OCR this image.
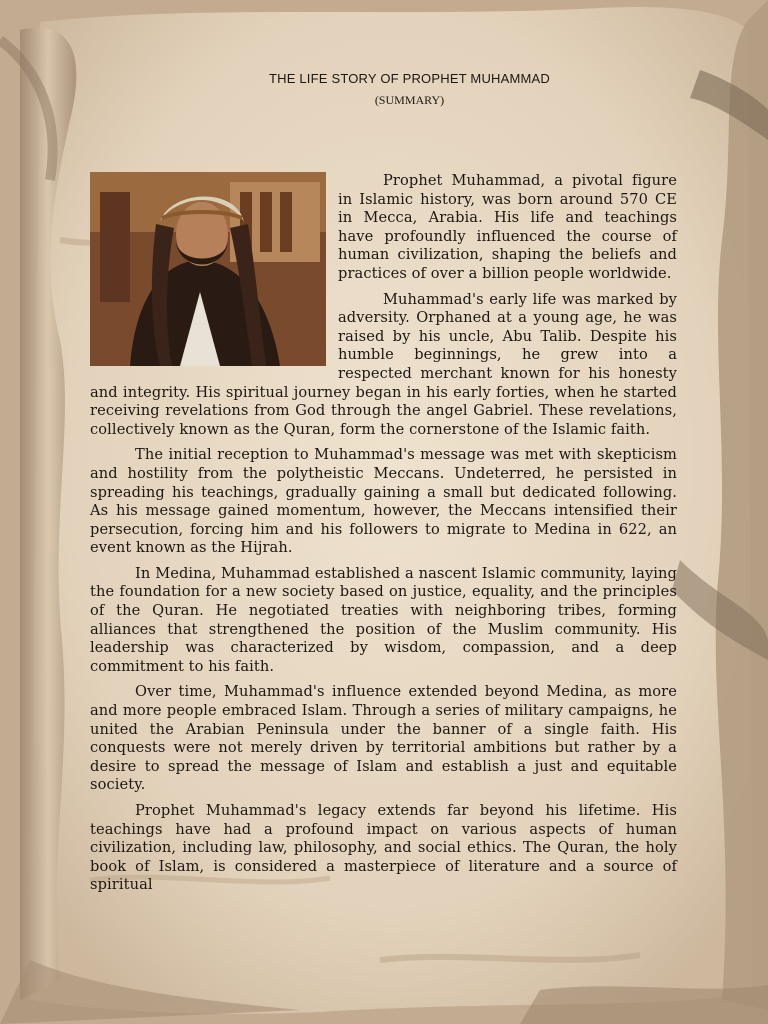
THE LIFE STORY OF PROPHET MUHAMMAD

(SUMMARY)

Prophet Muhammad, a pivotal figure in Islamic history, was born around 570 CE in Mecca, Arabia. His life and teachings have profoundly influenced the course of human civilization, shaping the beliefs and practices of over a billion people worldwide.

Muhammad's early life was marked by adversity. Orphaned at a young age, he was raised by his uncle, Abu Talib. Despite his humble beginnings, he grew into a respected merchant known for his honesty and integrity. His spiritual journey began in his early forties, when he started receiving revelations from God through the angel Gabriel. These revelations, collectively known as the Quran, form the cornerstone of the Islamic faith.

The initial reception to Muhammad's message was met with skepticism and hostility from the polytheistic Meccans. Undeterred, he persisted in spreading his teachings, gradually gaining a small but dedicated following. As his message gained momentum, however, the Meccans intensified their persecution, forcing him and his followers to migrate to Medina in 622, an event known as the Hijrah.

In Medina, Muhammad established a nascent Islamic community, laying the foundation for a new society based on justice, equality, and the principles of the Quran. He negotiated treaties with neighboring tribes, forming alliances that strengthened the position of the Muslim community. His leadership was characterized by wisdom, compassion, and a deep commitment to his faith.

Over time, Muhammad's influence extended beyond Medina, as more and more people embraced Islam. Through a series of military campaigns, he united the Arabian Peninsula under the banner of a single faith. His conquests were not merely driven by territorial ambitions but rather by a desire to spread the message of Islam and establish a just and equitable society.

Prophet Muhammad's legacy extends far beyond his lifetime. His teachings have had a profound impact on various aspects of human civilization, including law, philosophy, and social ethics. The Quran, the holy book of Islam, is considered a masterpiece of literature and a source of spiritual
